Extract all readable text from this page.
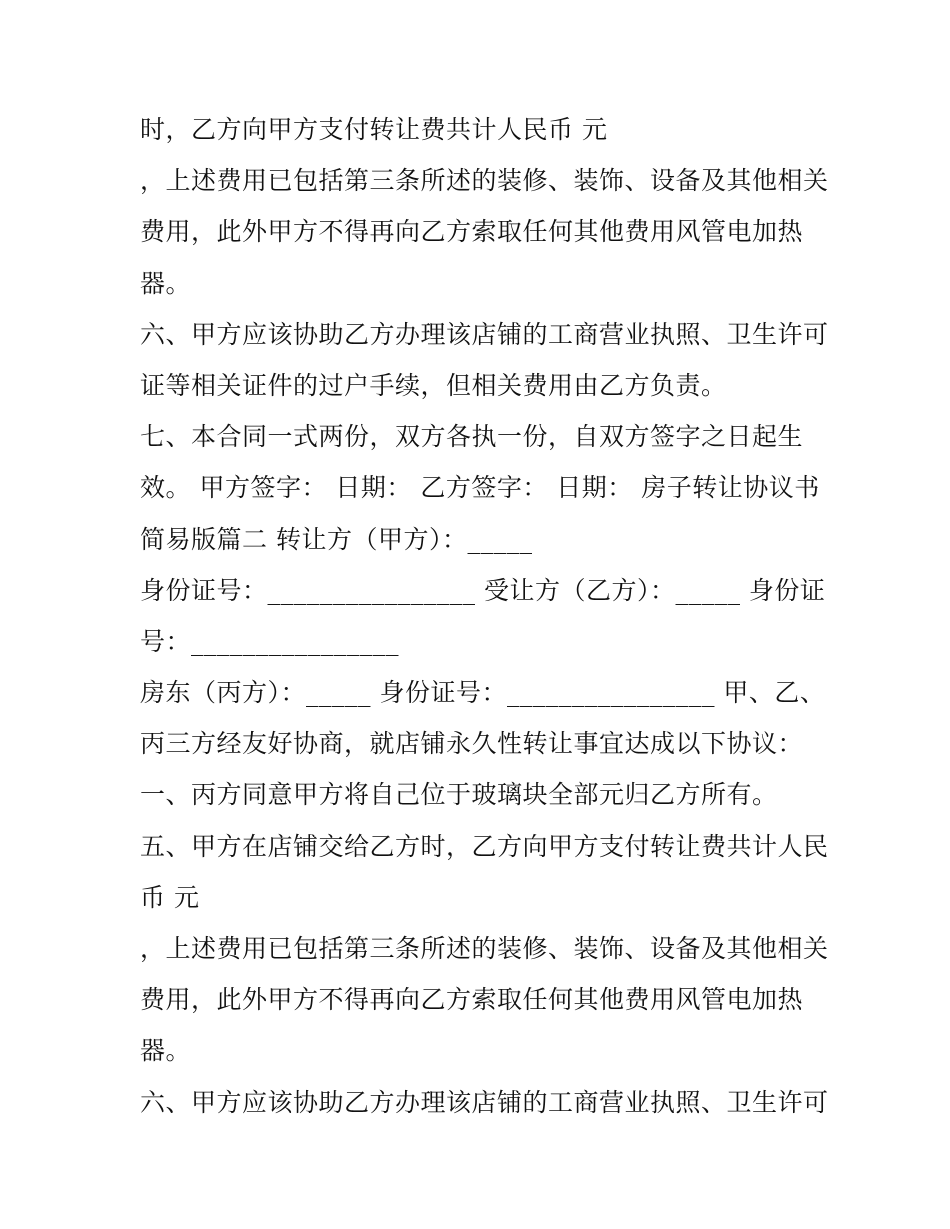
时，乙方向甲方支付转让费共计人民币 元
，上述费用已包括第三条所述的装修、装饰、设备及其他相关
费用，此外甲方不得再向乙方索取任何其他费用风管电加热
器。
六、甲方应该协助乙方办理该店铺的工商营业执照、卫生许可
证等相关证件的过户手续，但相关费用由乙方负责。
七、本合同一式两份，双方各执一份，自双方签字之日起生
效。 甲方签字： 日期： 乙方签字： 日期： 房子转让协议书
简易版篇二 转让方（甲方）：_____
身份证号：________________ 受让方（乙方）：_____ 身份证
号：________________
房东（丙方）：_____ 身份证号：________________ 甲、乙、
丙三方经友好协商，就店铺永久性转让事宜达成以下协议：
一、丙方同意甲方将自己位于玻璃块全部元归乙方所有。
五、甲方在店铺交给乙方时，乙方向甲方支付转让费共计人民
币 元
，上述费用已包括第三条所述的装修、装饰、设备及其他相关
费用，此外甲方不得再向乙方索取任何其他费用风管电加热
器。
六、甲方应该协助乙方办理该店铺的工商营业执照、卫生许可
